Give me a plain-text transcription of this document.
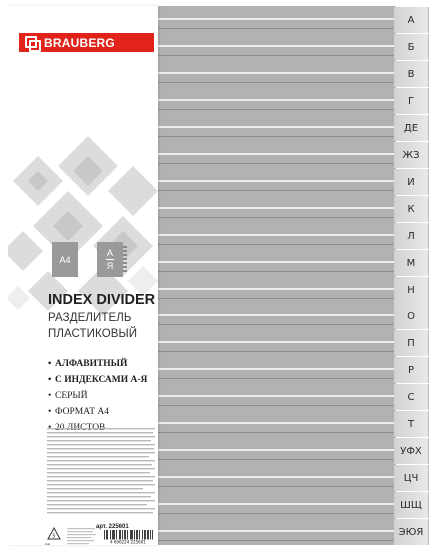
А
Б
В
Г
ДЕ
ЖЗ
И
К
Л
М
Н
О
П
Р
С
Т
УФХ
ЦЧ
ШЩ
ЭЮЯ
BRAUBERG
A4
А
Я
INDEX DIVIDER
РАЗДЕЛИТЕЛЬ
ПЛАСТИКОВЫЙ
• АЛФАВИТНЫЙ
• С ИНДЕКСАМИ А-Я
• СЕРЫЙ
• ФОРМАТ А4
•
5
PP
арт. 225601
4 606224 225601
